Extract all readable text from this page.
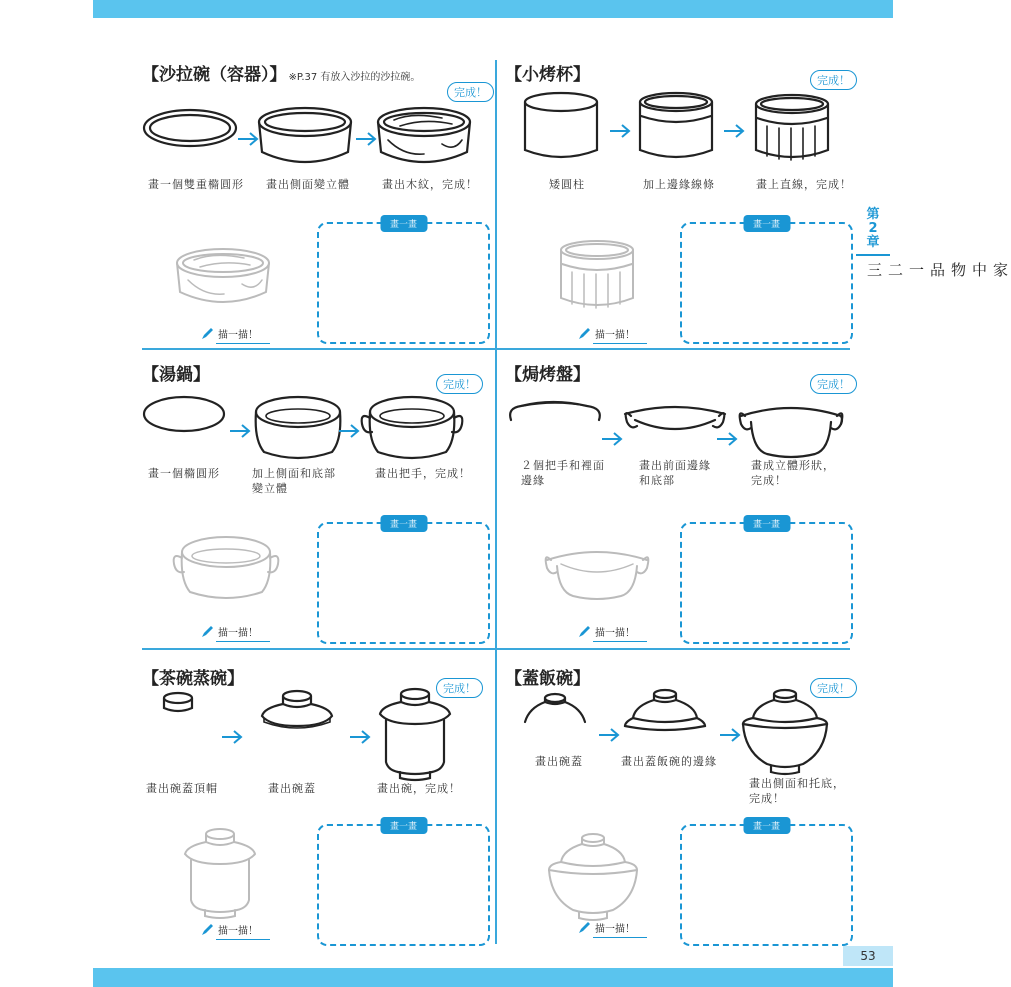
第
2
章
家中物品一二三
53
【沙拉碗（容器）】 ※P.37 有放入沙拉的沙拉碗。
完成！
畫一個雙重橢圓形 畫出側面變立體	畫出木紋，完成！
描一描！
畫一畫
【小烤杯】	完成！
矮圓柱	加上邊緣線條	畫上直線，完成！
描一描！
畫一畫
【湯鍋】	完成！
畫一個橢圓形	加上側面和底部
變立體
畫出把手，完成！
描一描！
畫一畫
【焗烤盤】	完成！
２個把手和裡面
邊緣
畫出前面邊緣
和底部
畫成立體形狀，
完成！
描一描！
畫一畫
【茶碗蒸碗】	完成！
畫出碗蓋頂帽	畫出碗蓋	畫出碗，完成！
描一描！
畫一畫
【蓋飯碗】	完成！
畫出碗蓋	畫出蓋飯碗的邊緣
畫出側面和托底，
完成！
描一描！
畫一畫
